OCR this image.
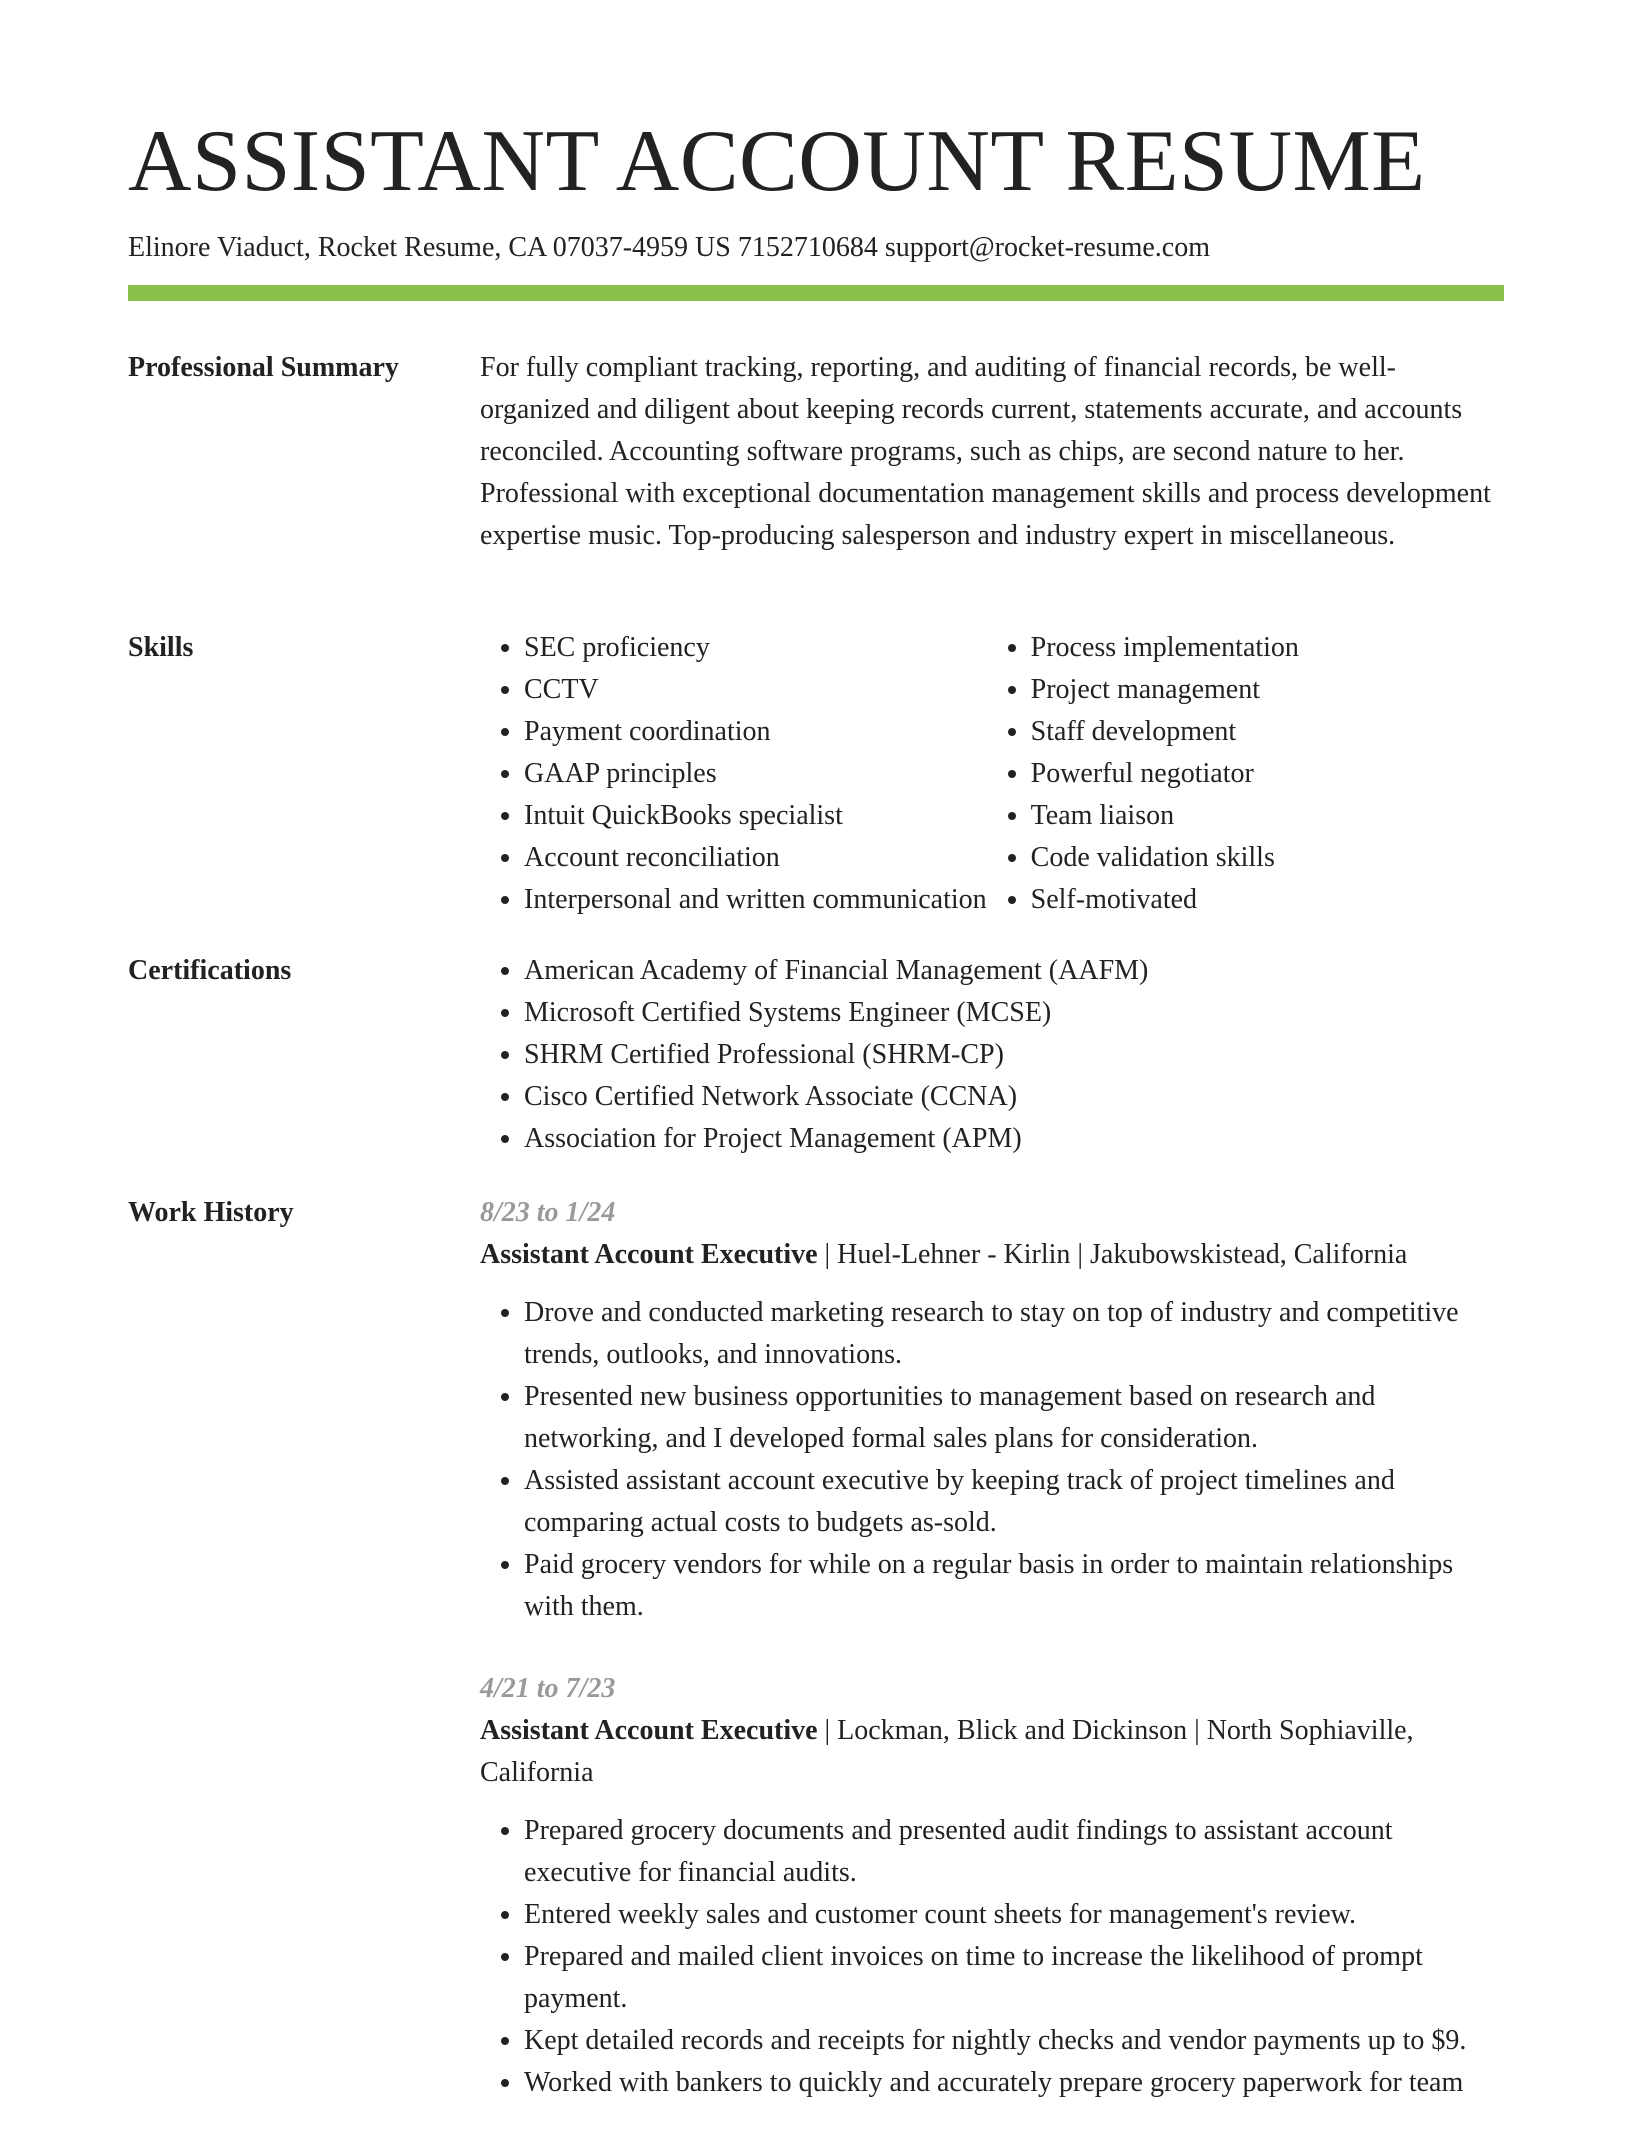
ASSISTANT ACCOUNT RESUME
Elinore Viaduct, Rocket Resume, CA 07037-4959 US 7152710684 support@rocket-resume.com
Professional Summary	For fully compliant tracking, reporting, and auditing of financial records, be well-organized and diligent about keeping records current, statements accurate, and accounts reconciled. Accounting software programs, such as chips, are second nature to her. Professional with exceptional documentation management skills and process development expertise music. Top-producing salesperson and industry expert in miscellaneous.

Skills	• SEC proficiency
• CCTV
• Payment coordination
• GAAP principles
• Intuit QuickBooks specialist
• Account reconciliation
• Interpersonal and written communication
• Process implementation
• Project management
• Staff development
• Powerful negotiator
• Team liaison
• Code validation skills
• Self-motivated
Certifications	• American Academy of Financial Management (AAFM)
• Microsoft Certified Systems Engineer (MCSE)
• SHRM Certified Professional (SHRM-CP)
• Cisco Certified Network Associate (CCNA)
• Association for Project Management (APM)
Work History	8/23 to 1/24
Assistant Account Executive | Huel-Lehner - Kirlin | Jakubowskistead, California
• Drove and conducted marketing research to stay on top of industry and competitive trends, outlooks, and innovations.
• Presented new business opportunities to management based on research and networking, and I developed formal sales plans for consideration.
• Assisted assistant account executive by keeping track of project timelines and comparing actual costs to budgets as-sold.
• Paid grocery vendors for while on a regular basis in order to maintain relationships with them.
4/21 to 7/23
Assistant Account Executive | Lockman, Blick and Dickinson | North Sophiaville, California
• Prepared grocery documents and presented audit findings to assistant account executive for financial audits.
• Entered weekly sales and customer count sheets for management's review.
• Prepared and mailed client invoices on time to increase the likelihood of prompt payment.
• Kept detailed records and receipts for nightly checks and vendor payments up to $9.
• Worked with bankers to quickly and accurately prepare grocery paperwork for team
